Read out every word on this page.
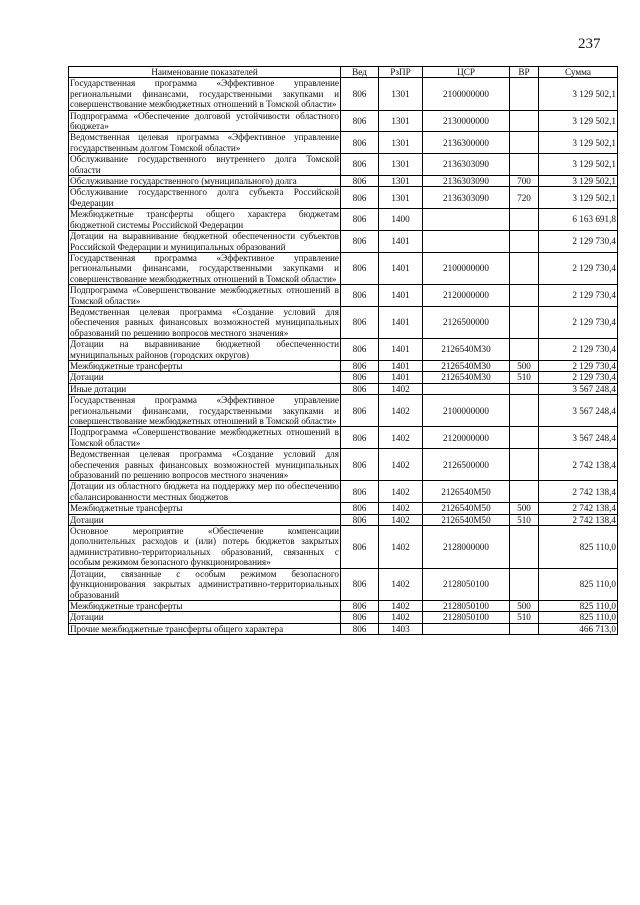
237
Наименование показателей	Вед	РзПР	ЦСР	ВР	Сумма
Государственная программа «Эффективное управление региональными финансами, государственными закупками и совершенствование межбюджетных отношений в Томской области»	806	1301	2100000000		3 129 502,1
Подпрограмма «Обеспечение долговой устойчивости областного бюджета»	806	1301	2130000000		3 129 502,1
Ведомственная целевая программа «Эффективное управление государственным долгом Томской области»	806	1301	2136300000		3 129 502,1
Обслуживание государственного внутреннего долга Томской области	806	1301	2136303090		3 129 502,1
Обслуживание государственного (муниципального) долга	806	1301	2136303090	700	3 129 502,1
Обслуживание государственного долга субъекта Российской Федерации	806	1301	2136303090	720	3 129 502,1
Межбюджетные трансферты общего характера бюджетам бюджетной системы Российской Федерации	806	1400			6 163 691,8
Дотации на выравнивание бюджетной обеспеченности субъектов Российской Федерации и муниципальных образований	806	1401			2 129 730,4
Государственная программа «Эффективное управление региональными финансами, государственными закупками и совершенствование межбюджетных отношений в Томской области»	806	1401	2100000000		2 129 730,4
Подпрограмма «Совершенствование межбюджетных отношений в Томской области»	806	1401	2120000000		2 129 730,4
Ведомственная целевая программа «Создание условий для обеспечения равных финансовых возможностей муниципальных образований по решению вопросов местного значения»	806	1401	2126500000		2 129 730,4
Дотации на выравнивание бюджетной обеспеченности муниципальных районов (городских округов)	806	1401	2126540М30		2 129 730,4
Межбюджетные трансферты	806	1401	2126540М30	500	2 129 730,4
Дотации	806	1401	2126540М30	510	2 129 730,4
Иные дотации	806	1402			3 567 248,4
Государственная программа «Эффективное управление региональными финансами, государственными закупками и совершенствование межбюджетных отношений в Томской области»	806	1402	2100000000		3 567 248,4
Подпрограмма «Совершенствование межбюджетных отношений в Томской области»	806	1402	2120000000		3 567 248,4
Ведомственная целевая программа «Создание условий для обеспечения равных финансовых возможностей муниципальных образований по решению вопросов местного значения»	806	1402	2126500000		2 742 138,4
Дотации из областного бюджета на поддержку мер по обеспечению сбалансированности местных бюджетов	806	1402	2126540М50		2 742 138,4
Межбюджетные трансферты	806	1402	2126540М50	500	2 742 138,4
Дотации	806	1402	2126540М50	510	2 742 138,4
Основное мероприятие «Обеспечение компенсации дополнительных расходов и (или) потерь бюджетов закрытых административно-территориальных образований, связанных с особым режимом безопасного функционирования»	806	1402	2128000000		825 110,0
Дотации, связанные с особым режимом безопасного функционирования закрытых административно-территориальных образований	806	1402	2128050100		825 110,0
Межбюджетные трансферты	806	1402	2128050100	500	825 110,0
Дотации	806	1402	2128050100	510	825 110,0
Прочие межбюджетные трансферты общего характера	806	1403			466 713,0
